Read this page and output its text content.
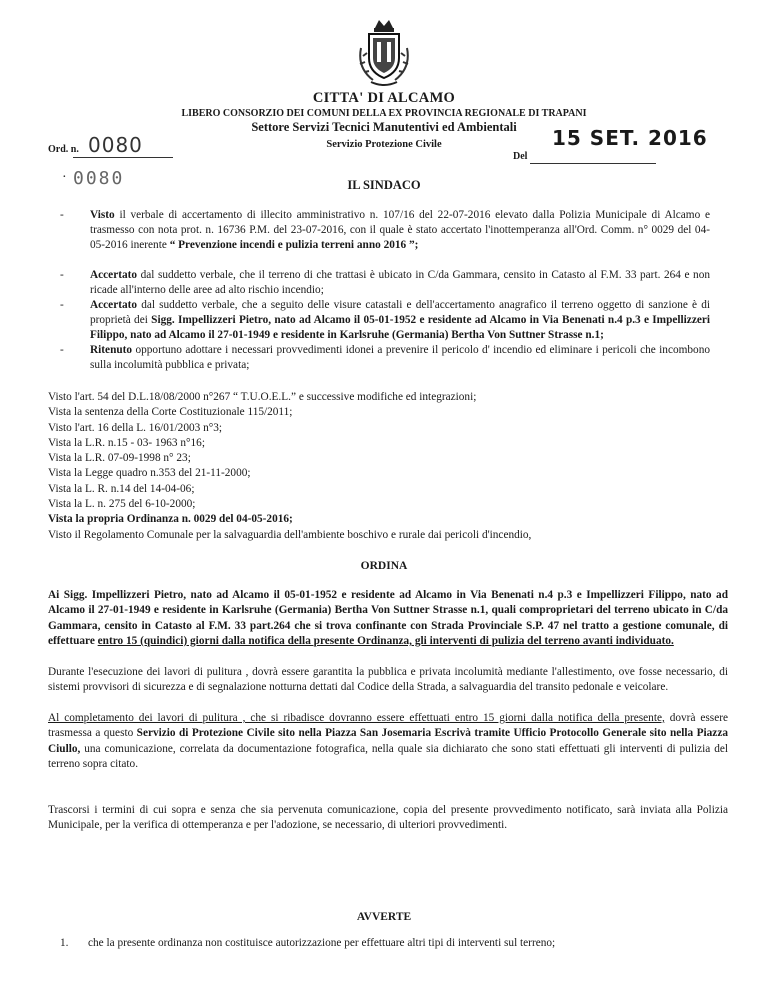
CITTA' DI ALCAMO
LIBERO CONSORZIO DEI COMUNI DELLA EX PROVINCIA REGIONALE DI TRAPANI
Settore Servizi Tecnici Manutentivi ed Ambientali
Servizio Protezione Civile
Ord. n. 0080
· 0080
15 SET. 2016
Del
IL SINDACO
- Visto il verbale di accertamento di illecito amministrativo n. 107/16 del 22-07-2016 elevato dalla Polizia Municipale di Alcamo e trasmesso con nota prot. n. 16736 P.M. del 23-07-2016, con il quale è stato accertato l'inottemperanza all'Ord. Comm. n° 0029 del 04-05-2016 inerente “ Prevenzione incendi e pulizia terreni anno 2016 ”;
- Accertato dal suddetto verbale, che il terreno di che trattasi è ubicato in C/da Gammara, censito in Catasto al F.M. 33 part. 264 e non ricade all'interno delle aree ad alto rischio incendio;
- Accertato dal suddetto verbale, che a seguito delle visure catastali e dell'accertamento anagrafico il terreno oggetto di sanzione è di proprietà dei Sigg. Impellizzeri Pietro, nato ad Alcamo il 05-01-1952 e residente ad Alcamo in Via Benenati n.4 p.3 e Impellizzeri Filippo, nato ad Alcamo il 27-01-1949 e residente in Karlsruhe (Germania) Bertha Von Suttner Strasse n.1;
- Ritenuto opportuno adottare i necessari provvedimenti idonei a prevenire il pericolo d' incendio ed eliminare i pericoli che incombono sulla incolumità pubblica e privata;
Visto l'art. 54 del D.L.18/08/2000 n°267 “ T.U.O.E.L.” e successive modifiche ed integrazioni;
Vista la sentenza della Corte Costituzionale 115/2011;
Visto l'art. 16 della L. 16/01/2003 n°3;
Vista la L.R. n.15 - 03- 1963 n°16;
Vista la L.R. 07-09-1998 n° 23;
Vista la Legge quadro n.353 del 21-11-2000;
Vista la L. R. n.14 del 14-04-06;
Vista la L. n. 275 del 6-10-2000;
Vista la propria Ordinanza n. 0029 del 04-05-2016;
Visto il Regolamento Comunale per la salvaguardia dell'ambiente boschivo e rurale dai pericoli d'incendio,
ORDINA
Ai Sigg. Impellizzeri Pietro, nato ad Alcamo il 05-01-1952 e residente ad Alcamo in Via Benenati n.4 p.3 e Impellizzeri Filippo, nato ad Alcamo il 27-01-1949 e residente in Karlsruhe (Germania) Bertha Von Suttner Strasse n.1, quali comproprietari del terreno ubicato in C/da Gammara, censito in Catasto al F.M. 33 part.264 che si trova confinante con Strada Provinciale S.P. 47 nel tratto a gestione comunale, di effettuare entro 15 (quindici) giorni dalla notifica della presente Ordinanza, gli interventi di pulizia del terreno avanti individuato.
Durante l'esecuzione dei lavori di pulitura , dovrà essere garantita la pubblica e privata incolumità mediante l'allestimento, ove fosse necessario, di sistemi provvisori di sicurezza e di segnalazione notturna dettati dal Codice della Strada, a salvaguardia del transito pedonale e veicolare.
Al completamento dei lavori di pulitura , che si ribadisce dovranno essere effettuati entro 15 giorni dalla notifica della presente, dovrà essere trasmessa a questo Servizio di Protezione Civile sito nella Piazza San Josemaria Escrivà tramite Ufficio Protocollo Generale sito nella Piazza Ciullo, una comunicazione, correlata da documentazione fotografica, nella quale sia dichiarato che sono stati effettuati gli interventi di pulizia del terreno sopra citato.
Trascorsi i termini di cui sopra e senza che sia pervenuta comunicazione, copia del presente provvedimento notificato, sarà inviata alla Polizia Municipale, per la verifica di ottemperanza e per l'adozione, se necessario, di ulteriori provvedimenti.
AVVERTE
1. che la presente ordinanza non costituisce autorizzazione per effettuare altri tipi di interventi sul terreno;
